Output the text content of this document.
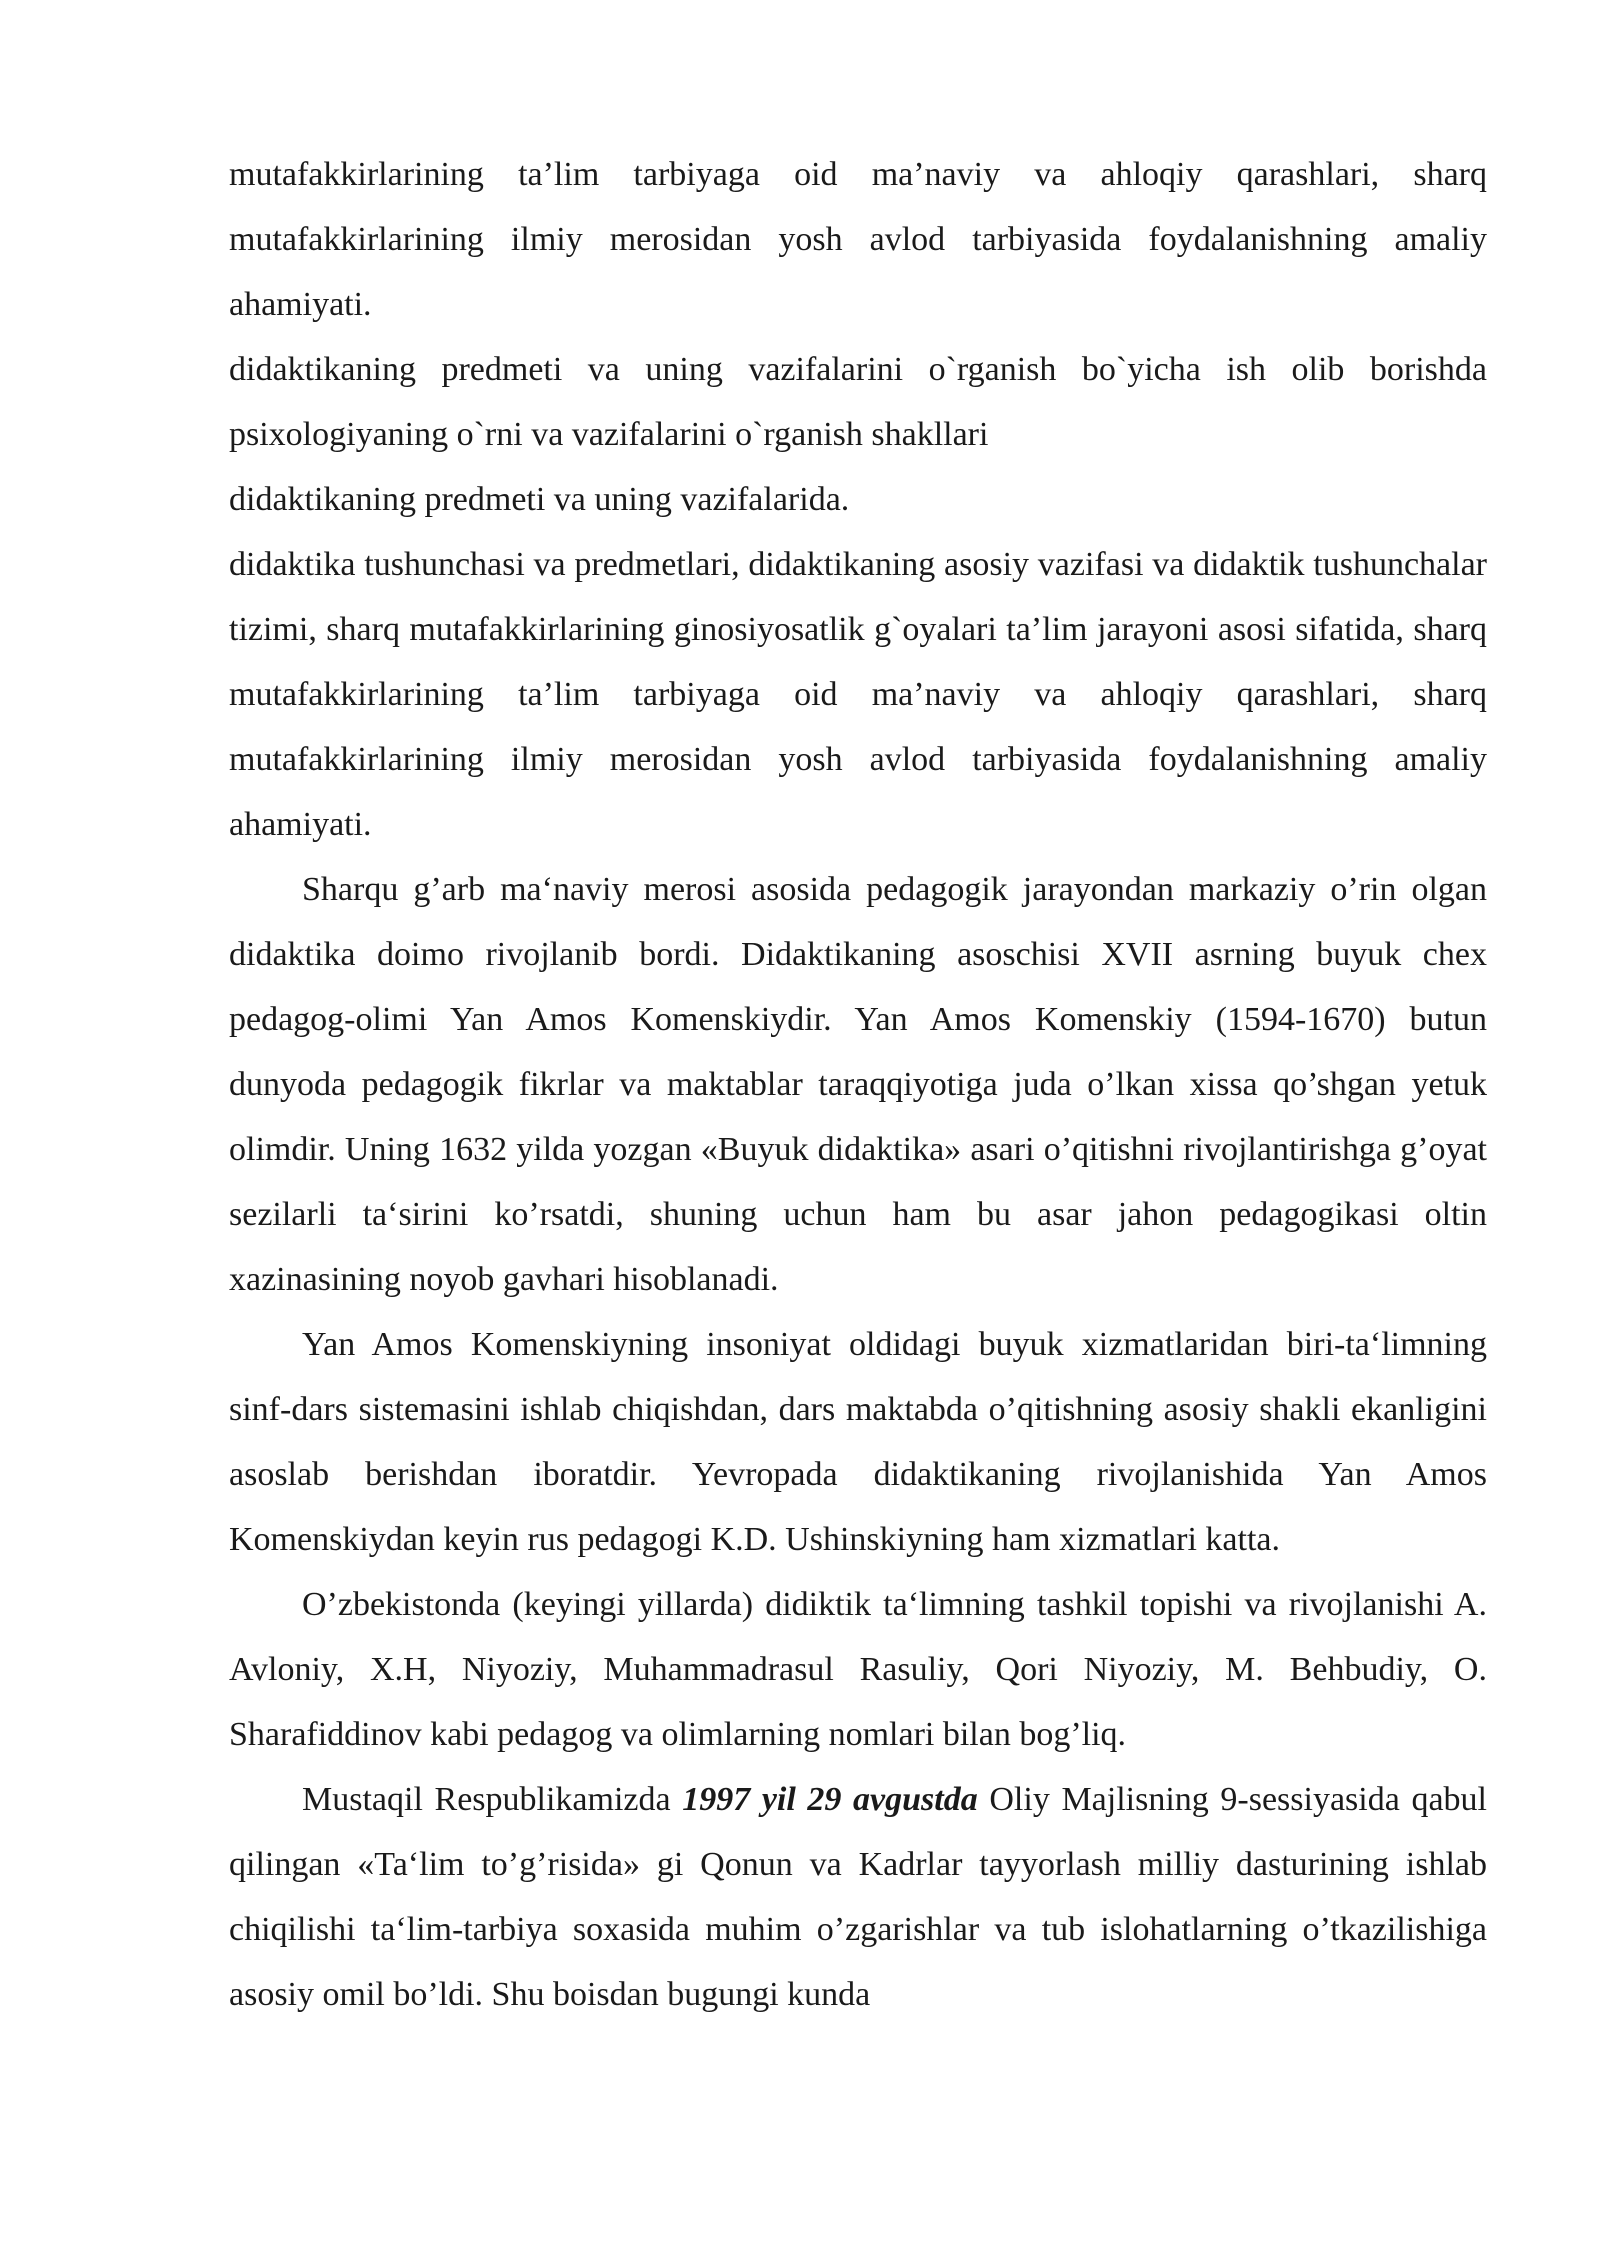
mutafakkirlarining ta’lim tarbiyaga oid ma’naviy va ahloqiy qarashlari, sharq mutafakkirlarining ilmiy merosidan yosh avlod tarbiyasida foydalanishning amaliy ahamiyati.

didaktikaning predmeti va uning vazifalarini o`rganish bo`yicha ish olib borishda psixologiyaning o`rni va vazifalarini o`rganish shakllari

didaktikaning predmeti va uning vazifalarida.

didaktika tushunchasi va predmetlari, didaktikaning asosiy vazifasi va didaktik tushunchalar tizimi, sharq mutafakkirlarining ginosiyosatlik g`oyalari ta’lim jarayoni asosi sifatida, sharq mutafakkirlarining ta’lim tarbiyaga oid ma’naviy va ahloqiy qarashlari, sharq mutafakkirlarining ilmiy merosidan yosh avlod tarbiyasida foydalanishning amaliy ahamiyati.

Sharqu g’arb ma‘naviy merosi asosida pedagogik jarayondan markaziy o’rin olgan didaktika doimo rivojlanib bordi. Didaktikaning asoschisi XVII asrning buyuk chex pedagog-olimi Yan Amos Komenskiydir. Yan Amos Komenskiy (1594-1670) butun dunyoda pedagogik fikrlar va maktablar taraqqiyotiga juda o’lkan xissa qo’shgan yetuk olimdir. Uning 1632 yilda yozgan «Buyuk didaktika» asari o’qitishni rivojlantirishga g’oyat sezilarli ta‘sirini ko’rsatdi, shuning uchun ham bu asar jahon pedagogikasi oltin xazinasining noyob gavhari hisoblanadi.

Yan Amos Komenskiyning insoniyat oldidagi buyuk xizmatlaridan biri-ta‘limning sinf-dars sistemasini ishlab chiqishdan, dars maktabda o’qitishning asosiy shakli ekanligini asoslab berishdan iboratdir. Yevropada didaktikaning rivojlanishida Yan Amos Komenskiydan keyin rus pedagogi K.D. Ushinskiyning ham xizmatlari katta.

O’zbekistonda (keyingi yillarda) didiktik ta‘limning tashkil topishi va rivojlanishi A. Avloniy, X.H, Niyoziy, Muhammadrasul Rasuliy, Qori Niyoziy, M. Behbudiy, O. Sharafiddinov kabi pedagog va olimlarning nomlari bilan bog’liq.

Mustaqil Respublikamizda 1997 yil 29 avgustda Oliy Majlisning 9-sessiyasida qabul qilingan «Ta‘lim to’g’risida» gi Qonun va Kadrlar tayyorlash milliy dasturining ishlab chiqilishi ta‘lim-tarbiya soxasida muhim o’zgarishlar va tub islohatlarning o’tkazilishiga asosiy omil bo’ldi. Shu boisdan bugungi kunda
